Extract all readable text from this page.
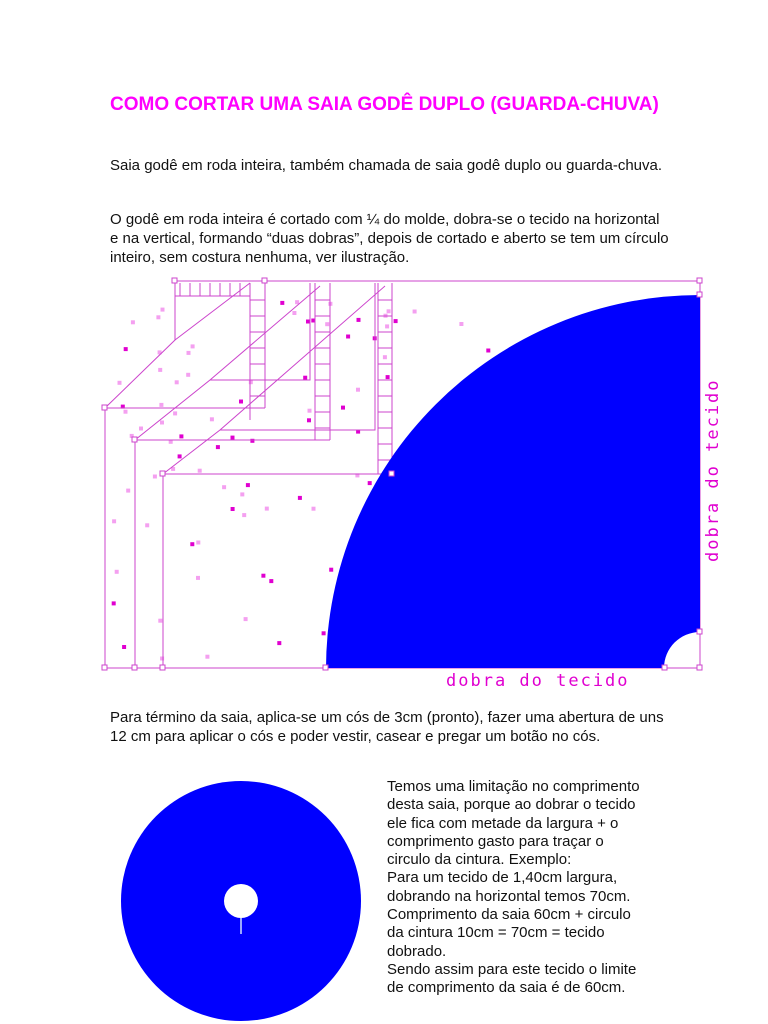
COMO CORTAR UMA SAIA GODÊ DUPLO (GUARDA-CHUVA)

Saia godê em roda inteira, também chamada de saia godê duplo ou guarda-chuva.

O godê em roda inteira é cortado com ¼ do molde, dobra-se o tecido na horizontal e na vertical, formando “duas dobras”, depois de cortado e aberto se tem um círculo inteiro, sem costura nenhuma, ver ilustração.

dobra do tecido
dobra do tecido

Para término da saia, aplica-se um cós de 3cm (pronto), fazer uma abertura de uns 12 cm para aplicar o cós e poder vestir, casear e pregar um botão no cós.

Temos uma limitação no comprimento
desta saia, porque ao dobrar o tecido
ele fica com metade da largura + o
comprimento gasto para traçar o
circulo da cintura. Exemplo:
Para um tecido de 1,40cm largura,
dobrando na horizontal temos 70cm.
Comprimento da saia 60cm + circulo
da cintura 10cm = 70cm = tecido
dobrado.
Sendo assim para este tecido o limite
de comprimento da saia é de 60cm.
